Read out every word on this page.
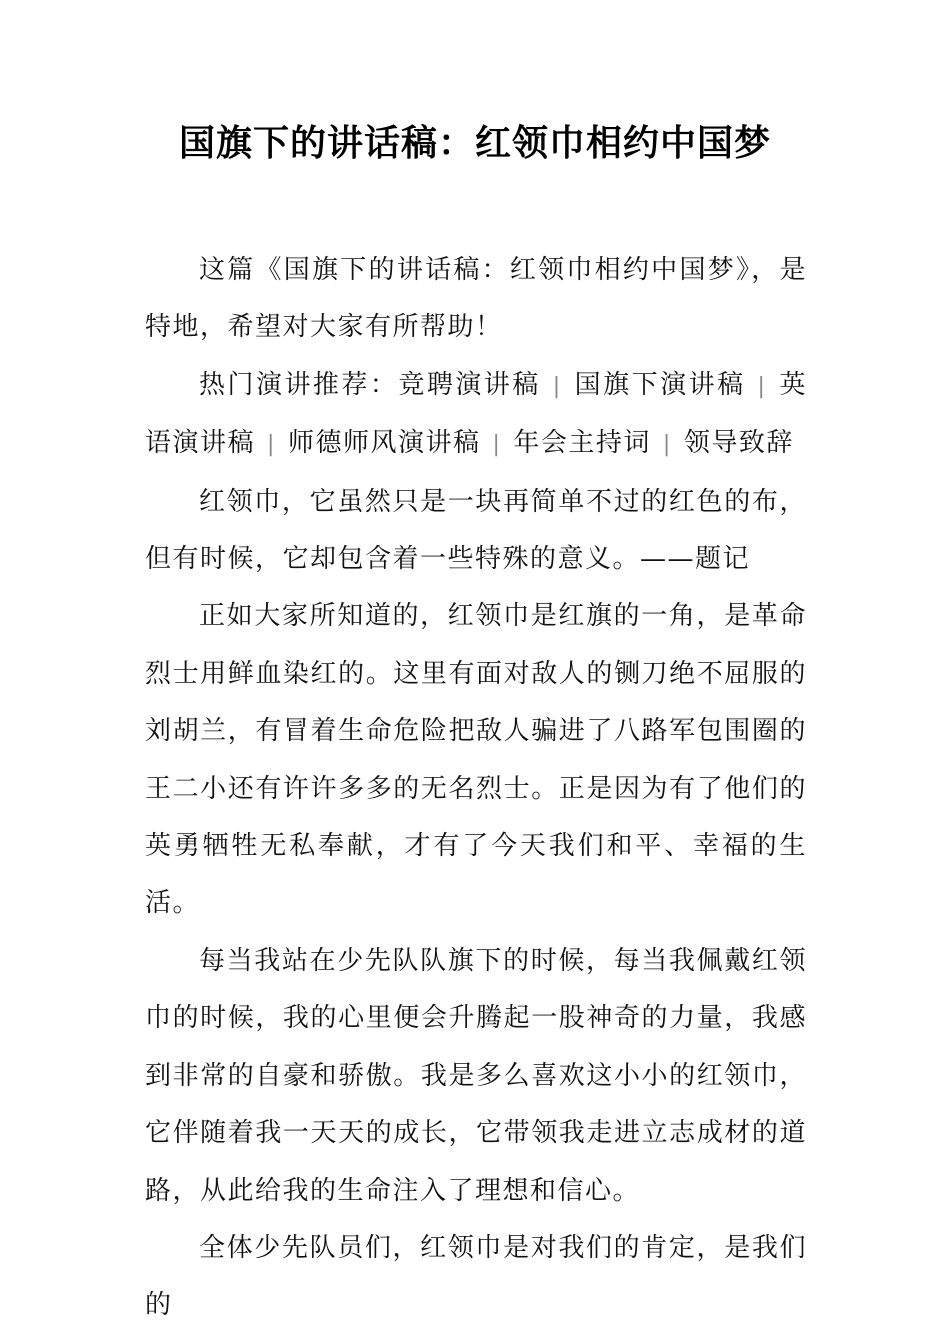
国旗下的讲话稿：红领巾相约中国梦

这篇《国旗下的讲话稿：红领巾相约中国梦》，是特地，希望对大家有所帮助！

热门演讲推荐：竞聘演讲稿 | 国旗下演讲稿 | 英语演讲稿 | 师德师风演讲稿 | 年会主持词 | 领导致辞

红领巾，它虽然只是一块再简单不过的红色的布，但有时候，它却包含着一些特殊的意义。——题记

正如大家所知道的，红领巾是红旗的一角，是革命烈士用鲜血染红的。这里有面对敌人的铡刀绝不屈服的刘胡兰，有冒着生命危险把敌人骗进了八路军包围圈的王二小还有许许多多的无名烈士。正是因为有了他们的英勇牺牲无私奉献，才有了今天我们和平、幸福的生活。

每当我站在少先队队旗下的时候，每当我佩戴红领巾的时候，我的心里便会升腾起一股神奇的力量，我感到非常的自豪和骄傲。我是多么喜欢这小小的红领巾，它伴随着我一天天的成长，它带领我走进立志成材的道路，从此给我的生命注入了理想和信心。

全体少先队员们，红领巾是对我们的肯定，是我们的
